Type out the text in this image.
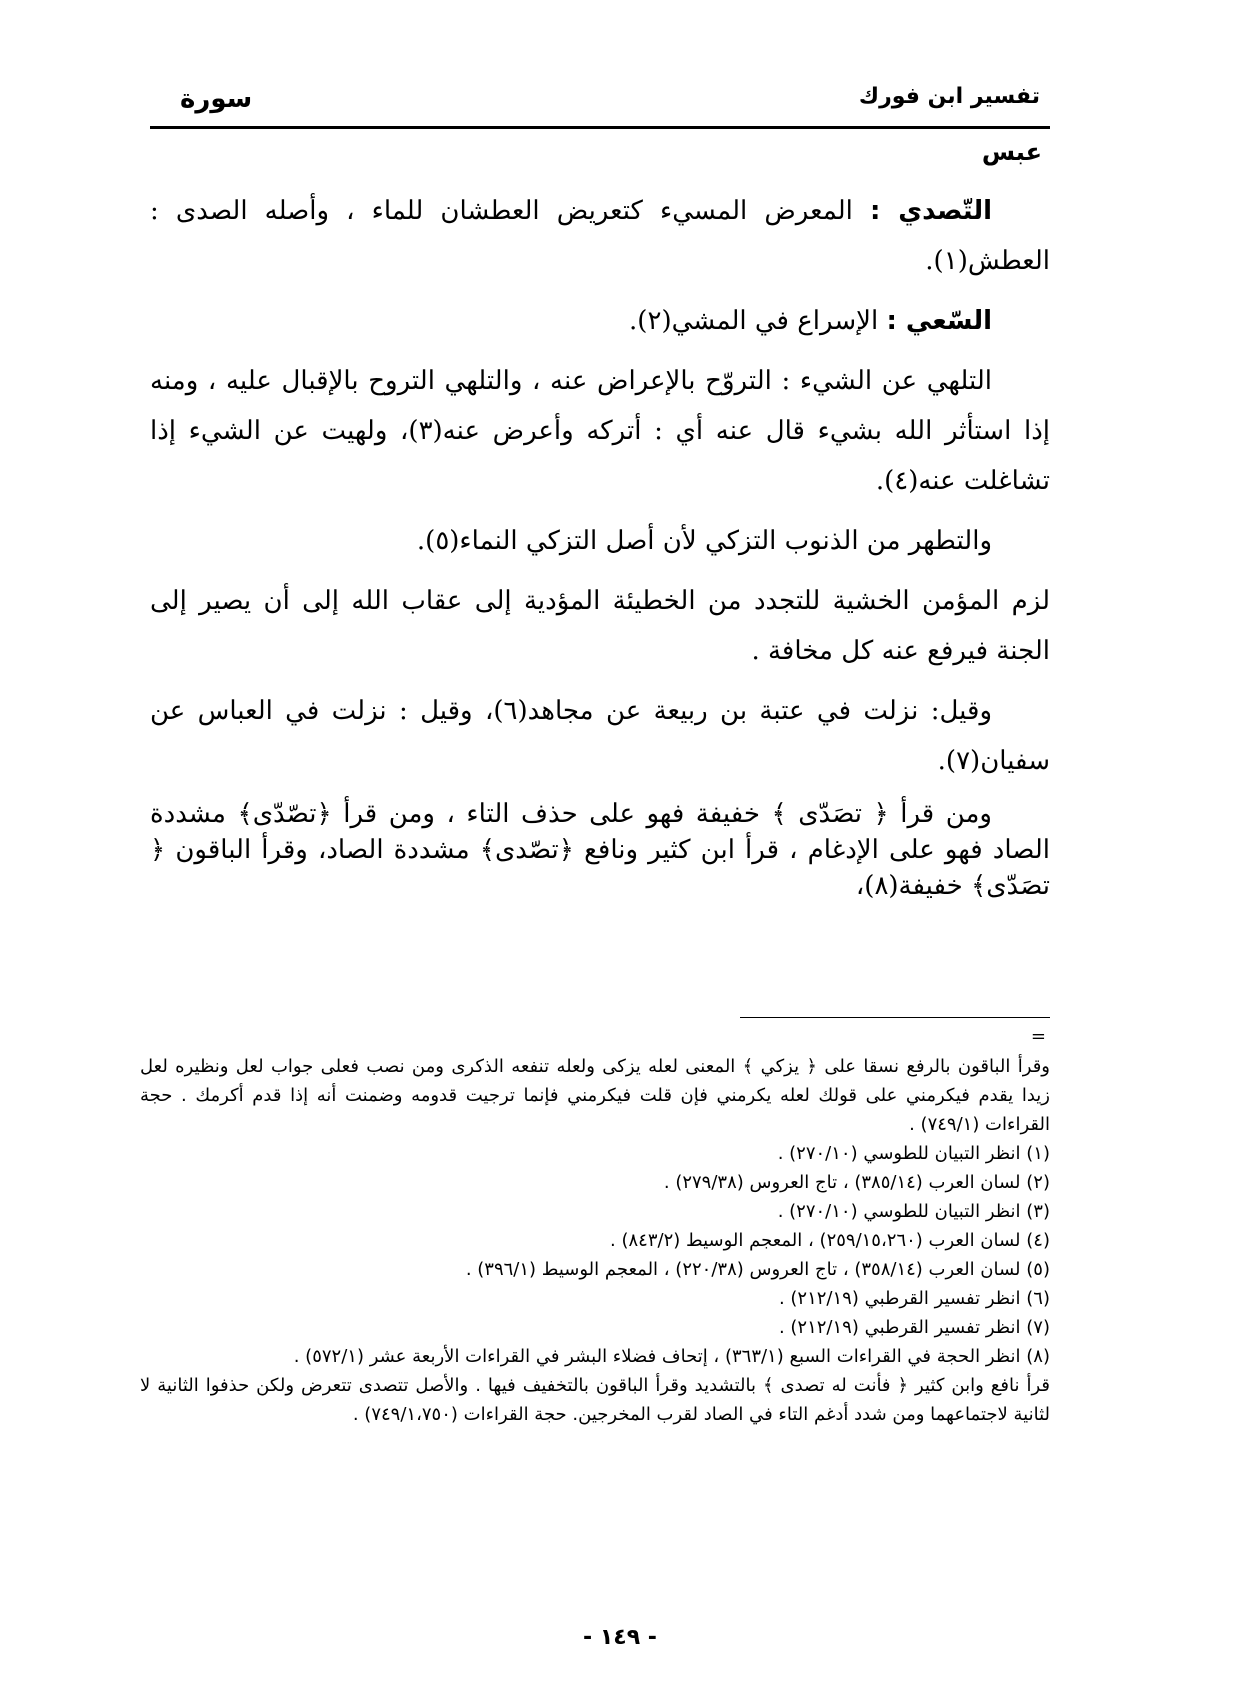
تفسير ابن فورك
سورة
عبس

التّصدي : المعرض المسيء كتعريض العطشان للماء ، وأصله الصدى : العطش(١).

السّعي : الإسراع في المشي(٢).

التلهي عن الشيء : التروّح بالإعراض عنه ، والتلهي التروح بالإقبال عليه ، ومنه إذا استأثر الله بشيء قال عنه أي : أتركه وأعرض عنه(٣)، ولهيت عن الشيء إذا تشاغلت عنه(٤).

والتطهر من الذنوب التزكي لأن أصل التزكي النماء(٥).

لزم المؤمن الخشية للتجدد من الخطيئة المؤدية إلى عقاب الله إلى أن يصير إلى الجنة فيرفع عنه كل مخافة .

وقيل: نزلت في عتبة بن ربيعة عن مجاهد(٦)، وقيل : نزلت في العباس عن سفيان(٧).

ومن قرأ ﴿ تصَدّى ﴾ خفيفة فهو على حذف التاء ، ومن قرأ ﴿تصّدّى﴾ مشددة الصاد فهو على الإدغام ، قرأ ابن كثير ونافع ﴿تصّدى﴾ مشددة الصاد، وقرأ الباقون ﴿ تصَدّى﴾ خفيفة(٨)،

=

وقرأ الباقون بالرفع نسقا على ﴿ يزكي ﴾ المعنى لعله يزكى ولعله تنفعه الذكرى ومن نصب فعلى جواب لعل ونظيره لعل زيدا يقدم فيكرمني على قولك لعله يكرمني فإن قلت فيكرمني فإنما ترجيت قدومه وضمنت أنه إذا قدم أكرمك . حجة القراءات (٧٤٩/١) .

(١) انظر التبيان للطوسي (٢٧٠/١٠) .

(٢) لسان العرب (٣٨٥/١٤) ، تاج العروس (٢٧٩/٣٨) .

(٣) انظر التبيان للطوسي (٢٧٠/١٠) .

(٤) لسان العرب (٢٥٩/١٥،٢٦٠) ، المعجم الوسيط (٨٤٣/٢) .

(٥) لسان العرب (٣٥٨/١٤) ، تاج العروس (٢٢٠/٣٨) ، المعجم الوسيط (٣٩٦/١) .

(٦) انظر تفسير القرطبي (٢١٢/١٩) .

(٧) انظر تفسير القرطبي (٢١٢/١٩) .

(٨) انظر الحجة في القراءات السبع (٣٦٣/١) ، إتحاف فضلاء البشر في القراءات الأربعة عشر (٥٧٢/١) .

قرأ نافع وابن كثير ﴿ فأنت له تصدى ﴾ بالتشديد وقرأ الباقون بالتخفيف فيها . والأصل تتصدى تتعرض ولكن حذفوا الثانية لا لثانية لاجتماعهما ومن شدد أدغم التاء في الصاد لقرب المخرجين. حجة القراءات (٧٤٩/١،٧٥٠) .

- ١٤٩ -
